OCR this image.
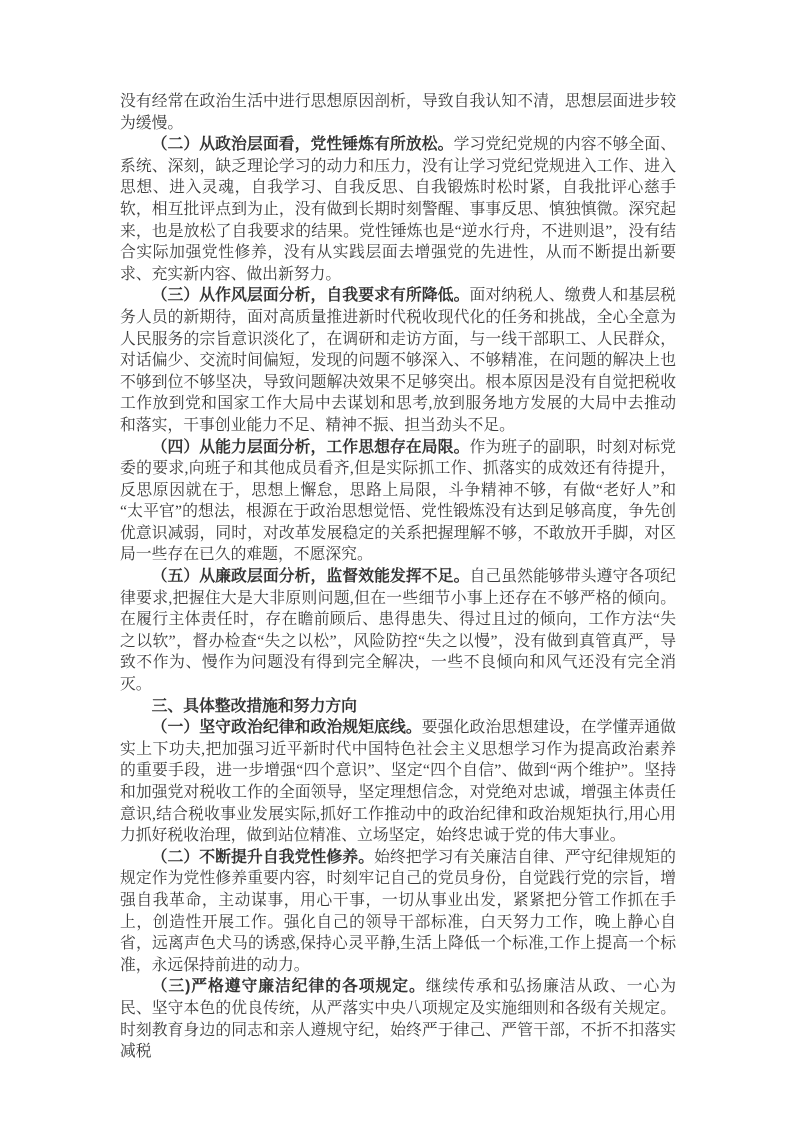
没有经常在政治生活中进行思想原因剖析，导致自我认知不清，思想层面进步较为缓慢。

（二）从政治层面看，党性锤炼有所放松。学习党纪党规的内容不够全面、系统、深刻，缺乏理论学习的动力和压力，没有让学习党纪党规进入工作、进入思想、进入灵魂，自我学习、自我反思、自我锻炼时松时紧，自我批评心慈手软，相互批评点到为止，没有做到长期时刻警醒、事事反思、慎独慎微。深究起来，也是放松了自我要求的结果。党性锤炼也是“逆水行舟，不进则退”，没有结合实际加强党性修养，没有从实践层面去增强党的先进性，从而不断提出新要求、充实新内容、做出新努力。

（三）从作风层面分析，自我要求有所降低。面对纳税人、缴费人和基层税务人员的新期待，面对高质量推进新时代税收现代化的任务和挑战，全心全意为人民服务的宗旨意识淡化了，在调研和走访方面，与一线干部职工、人民群众，对话偏少、交流时间偏短，发现的问题不够深入、不够精准，在问题的解决上也不够到位不够坚决，导致问题解决效果不足够突出。根本原因是没有自觉把税收工作放到党和国家工作大局中去谋划和思考,放到服务地方发展的大局中去推动和落实，干事创业能力不足、精神不振、担当劲头不足。

（四）从能力层面分析，工作思想存在局限。作为班子的副职，时刻对标党委的要求,向班子和其他成员看齐,但是实际抓工作、抓落实的成效还有待提升，反思原因就在于，思想上懈怠，思路上局限，斗争精神不够，有做“老好人”和“太平官”的想法，根源在于政治思想觉悟、党性锻炼没有达到足够高度，争先创优意识减弱，同时，对改革发展稳定的关系把握理解不够，不敢放开手脚，对区局一些存在已久的难题，不愿深究。

（五）从廉政层面分析，监督效能发挥不足。自己虽然能够带头遵守各项纪律要求,把握住大是大非原则问题,但在一些细节小事上还存在不够严格的倾向。在履行主体责任时，存在瞻前顾后、患得患失、得过且过的倾向，工作方法“失之以软”，督办检查“失之以松”，风险防控“失之以慢”，没有做到真管真严，导致不作为、慢作为问题没有得到完全解决，一些不良倾向和风气还没有完全消灭。

三、具体整改措施和努力方向

（一）坚守政治纪律和政治规矩底线。要强化政治思想建设，在学懂弄通做实上下功夫,把加强习近平新时代中国特色社会主义思想学习作为提高政治素养的重要手段，进一步增强“四个意识”、坚定“四个自信”、做到“两个维护”。坚持和加强党对税收工作的全面领导，坚定理想信念，对党绝对忠诚，增强主体责任意识,结合税收事业发展实际,抓好工作推动中的政治纪律和政治规矩执行,用心用力抓好税收治理，做到站位精准、立场坚定，始终忠诚于党的伟大事业。

（二）不断提升自我党性修养。始终把学习有关廉洁自律、严守纪律规矩的规定作为党性修养重要内容，时刻牢记自己的党员身份，自觉践行党的宗旨，增强自我革命，主动谋事，用心干事，一切从事业出发，紧紧把分管工作抓在手上，创造性开展工作。强化自己的领导干部标准，白天努力工作，晚上静心自省，远离声色犬马的诱惑,保持心灵平静,生活上降低一个标准,工作上提高一个标准，永远保持前进的动力。

（三)严格遵守廉洁纪律的各项规定。继续传承和弘扬廉洁从政、一心为民、坚守本色的优良传统，从严落实中央八项规定及实施细则和各级有关规定。时刻教育身边的同志和亲人遵规守纪，始终严于律己、严管干部，不折不扣落实减税
